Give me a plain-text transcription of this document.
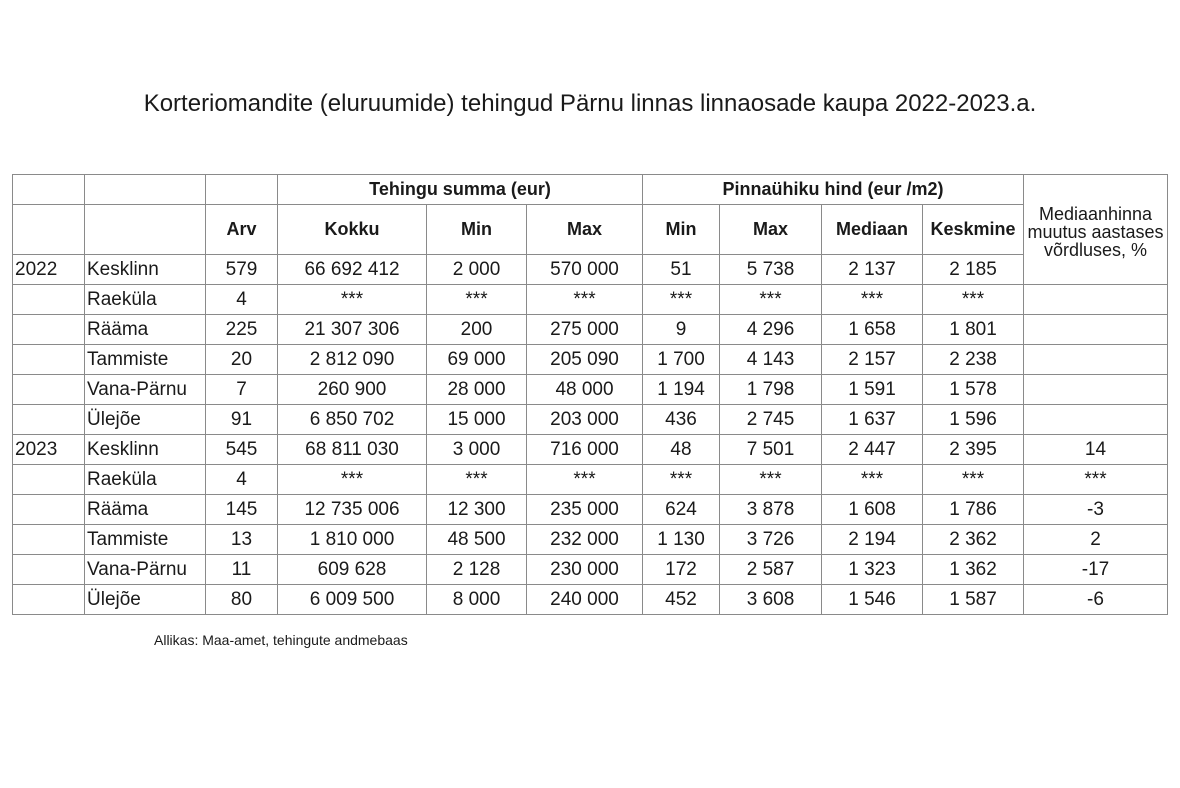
Korteriomandite (eluruumide) tehingud Pärnu linnas linnaosade kaupa 2022-2023.a.
			Tehingu summa (eur)			Pinnaühiku hind (eur /m2)				Mediaanhinna muutus aastases võrdluses, %
		Arv	Kokku	Min	Max	Min	Max	Mediaan	Keskmine	
2022	Kesklinn	579	66 692 412	2 000	570 000	51	5 738	2 137	2 185	
	Raeküla	4	***	***	***	***	***	***	***	
	Rääma	225	21 307 306	200	275 000	9	4 296	1 658	1 801	
	Tammiste	20	2 812 090	69 000	205 090	1 700	4 143	2 157	2 238	
	Vana-Pärnu	7	260 900	28 000	48 000	1 194	1 798	1 591	1 578	
	Ülejõe	91	6 850 702	15 000	203 000	436	2 745	1 637	1 596	
2023	Kesklinn	545	68 811 030	3 000	716 000	48	7 501	2 447	2 395	14
	Raeküla	4	***	***	***	***	***	***	***	***
	Rääma	145	12 735 006	12 300	235 000	624	3 878	1 608	1 786	-3
	Tammiste	13	1 810 000	48 500	232 000	1 130	3 726	2 194	2 362	2
	Vana-Pärnu	11	609 628	2 128	230 000	172	2 587	1 323	1 362	-17
	Ülejõe	80	6 009 500	8 000	240 000	452	3 608	1 546	1 587	-6
Allikas: Maa-amet, tehingute andmebaas
